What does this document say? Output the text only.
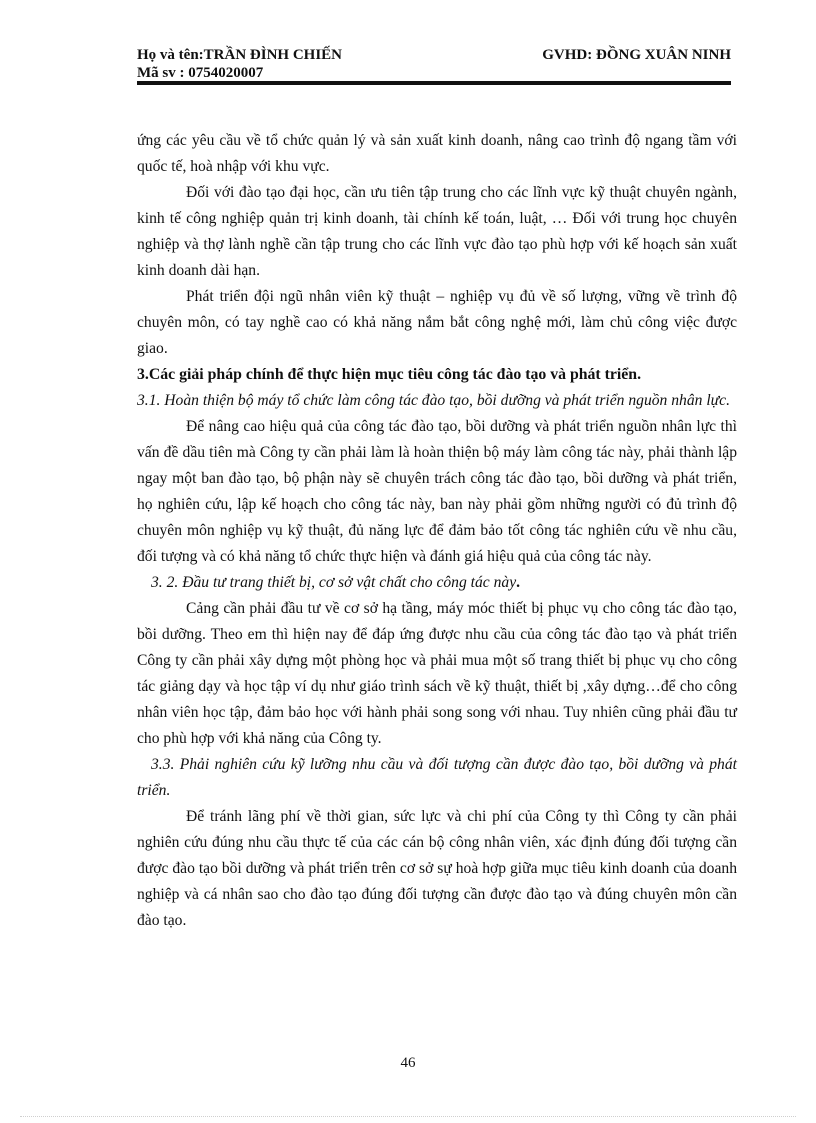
Họ và tên:TRẦN ĐÌNH CHIẾN
Mã sv : 0754020007
GVHD: ĐỒNG XUÂN NINH

ứng các yêu cầu về tổ chức quản lý và sản xuất kinh doanh, nâng cao trình độ ngang tầm với quốc tế, hoà nhập với khu vực.

Đối với đào tạo đại học, cần ưu tiên tập trung cho các lĩnh vực kỹ thuật chuyên ngành, kinh tế công nghiệp quản trị kinh doanh, tài chính kế toán, luật, … Đối với trung học chuyên nghiệp và thợ lành nghề cần tập trung cho các lĩnh vực đào tạo phù hợp với kế hoạch sản xuất kinh doanh dài hạn.

Phát triển đội ngũ nhân viên kỹ thuật – nghiệp vụ đủ về số lượng, vững về trình độ chuyên môn, có tay nghề cao có khả năng nắm bắt công nghệ mới, làm chủ công việc được giao.

3.Các giải pháp chính để thực hiện mục tiêu công tác đào tạo và phát triển.

3.1. Hoàn thiện bộ máy tổ chức làm công tác đào tạo, bồi dưỡng và phát triển nguồn nhân lực.

Để nâng cao hiệu quả của công tác đào tạo, bồi dưỡng và phát triển nguồn nhân lực thì vấn đề dầu tiên mà Công ty cần phải làm là hoàn thiện bộ máy làm công tác này, phải thành lập ngay một ban đào tạo, bộ phận này sẽ chuyên trách công tác đào tạo, bồi dưỡng và phát triển, họ nghiên cứu, lập kế hoạch cho công tác này, ban này phải gồm những người có đủ trình độ chuyên môn nghiệp vụ kỹ thuật, đủ năng lực để đảm bảo tốt công tác nghiên cứu về nhu cầu, đối tượng và có khả năng tổ chức thực hiện và đánh giá hiệu quả của công tác này.

3. 2. Đầu tư trang thiết bị, cơ sở vật chất cho công tác này.

Cảng cần phải đầu tư về cơ sở hạ tầng, máy móc thiết bị phục vụ cho công tác đào tạo, bồi dưỡng. Theo em thì hiện nay để đáp ứng được nhu cầu của công tác đào tạo và phát triển Công ty cần phải xây dựng một phòng học và phải mua một số trang thiết bị phục vụ cho công tác giảng dạy và học tập ví dụ như giáo trình sách về kỹ thuật, thiết bị ,xây dựng…để cho công nhân viên học tập, đảm bảo học với hành phải song song với nhau. Tuy nhiên cũng phải đầu tư cho phù hợp với khả năng của Công ty.

3.3. Phải nghiên cứu kỹ lưỡng nhu cầu và đối tượng cần được đào tạo, bồi dưỡng và phát triển.

Để tránh lãng phí về thời gian, sức lực và chi phí của Công ty thì Công ty cần phải nghiên cứu đúng nhu cầu thực tế của các cán bộ công nhân viên, xác định đúng đối tượng cần được đào tạo bồi dưỡng và phát triển trên cơ sở sự hoà hợp giữa mục tiêu kinh doanh của doanh nghiệp và cá nhân sao cho đào tạo đúng đối tượng cần được đào tạo và đúng chuyên môn cần đào tạo.

46
